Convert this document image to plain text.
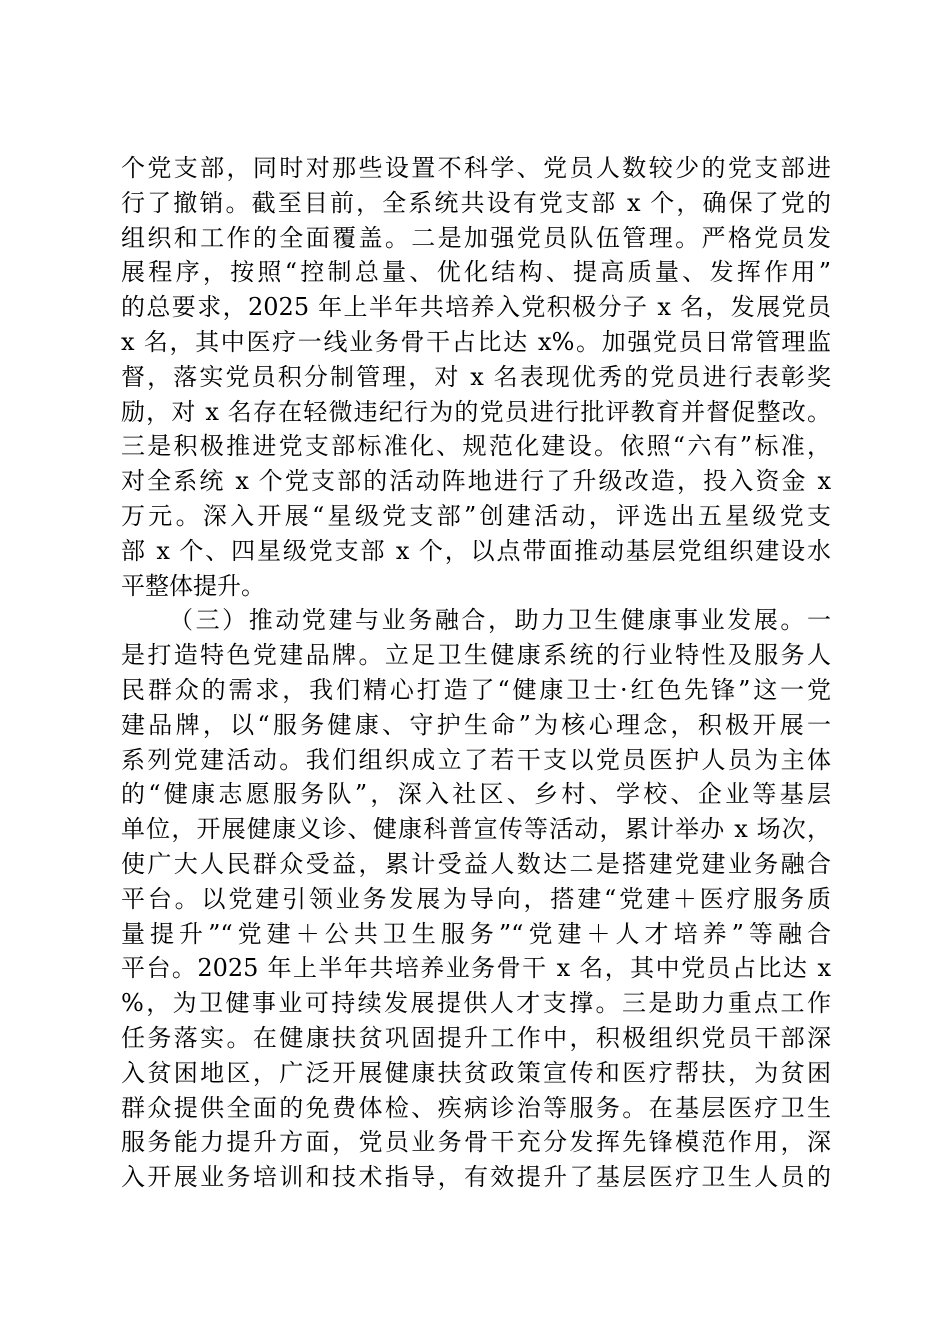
个党支部，同时对那些设置不科学、党员人数较少的党支部进
行了撤销。截至目前，全系统共设有党支部 x 个，确保了党的
组织和工作的全面覆盖。二是加强党员队伍管理。严格党员发
展程序，按照“控制总量、优化结构、提高质量、发挥作用”
的总要求，2025 年上半年共培养入党积极分子 x 名，发展党员
x 名，其中医疗一线业务骨干占比达 x%。加强党员日常管理监
督，落实党员积分制管理，对 x 名表现优秀的党员进行表彰奖
励，对 x 名存在轻微违纪行为的党员进行批评教育并督促整改。
三是积极推进党支部标准化、规范化建设。依照“六有”标准，
对全系统 x 个党支部的活动阵地进行了升级改造，投入资金 x
万元。深入开展“星级党支部”创建活动，评选出五星级党支
部 x 个、四星级党支部 x 个，以点带面推动基层党组织建设水
平整体提升。
（三）推动党建与业务融合，助力卫生健康事业发展。一
是打造特色党建品牌。立足卫生健康系统的行业特性及服务人
民群众的需求，我们精心打造了“健康卫士·红色先锋”这一党
建品牌，以“服务健康、守护生命”为核心理念，积极开展一
系列党建活动。我们组织成立了若干支以党员医护人员为主体
的“健康志愿服务队”，深入社区、乡村、学校、企业等基层
单位，开展健康义诊、健康科普宣传等活动，累计举办 x 场次，
使广大人民群众受益，累计受益人数达二是搭建党建业务融合
平台。以党建引领业务发展为导向，搭建“党建＋医疗服务质
量提升”“党建＋公共卫生服务”“党建＋人才培养”等融合
平台。2025 年上半年共培养业务骨干 x 名，其中党员占比达 x
%，为卫健事业可持续发展提供人才支撑。三是助力重点工作
任务落实。在健康扶贫巩固提升工作中，积极组织党员干部深
入贫困地区，广泛开展健康扶贫政策宣传和医疗帮扶，为贫困
群众提供全面的免费体检、疾病诊治等服务。在基层医疗卫生
服务能力提升方面，党员业务骨干充分发挥先锋模范作用，深
入开展业务培训和技术指导，有效提升了基层医疗卫生人员的
